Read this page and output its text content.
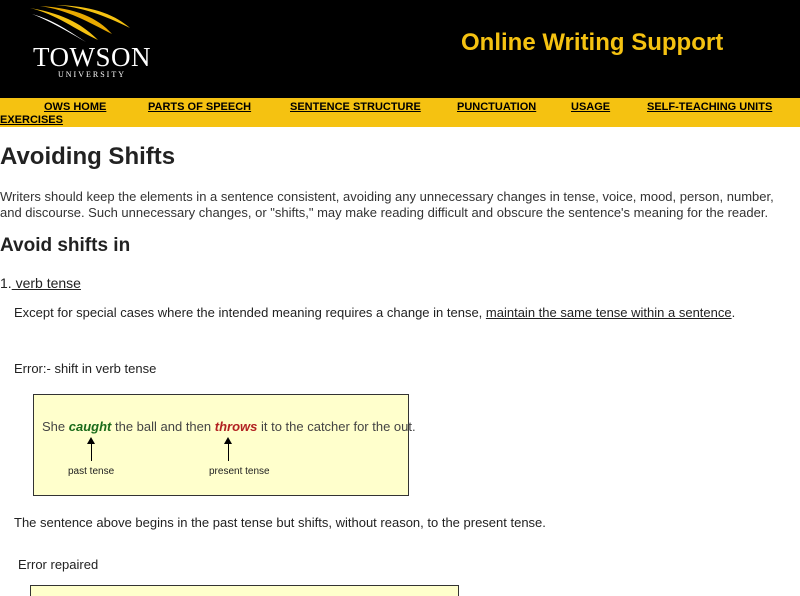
TOWSON
UNIVERSITY
Online Writing Support
OWS HOME	PARTS OF SPEECH	SENTENCE STRUCTURE	PUNCTUATION	USAGE	SELF-TEACHING UNITS
EXERCISES
Avoiding Shifts

Writers should keep the elements in a sentence consistent, avoiding any unnecessary changes in tense, voice, mood, person, number, and discourse. Such unnecessary changes, or "shifts," may make reading difficult and obscure the sentence's meaning for the reader.

Avoid shifts in
1. verb tense
Except for special cases where the intended meaning requires a change in tense, maintain the same tense within a sentence.
Error:- shift in verb tense
She caught the ball and then throws it to the catcher for the out.
past tense	present tense
The sentence above begins in the past tense but shifts, without reason, to the present tense.
Error repaired
